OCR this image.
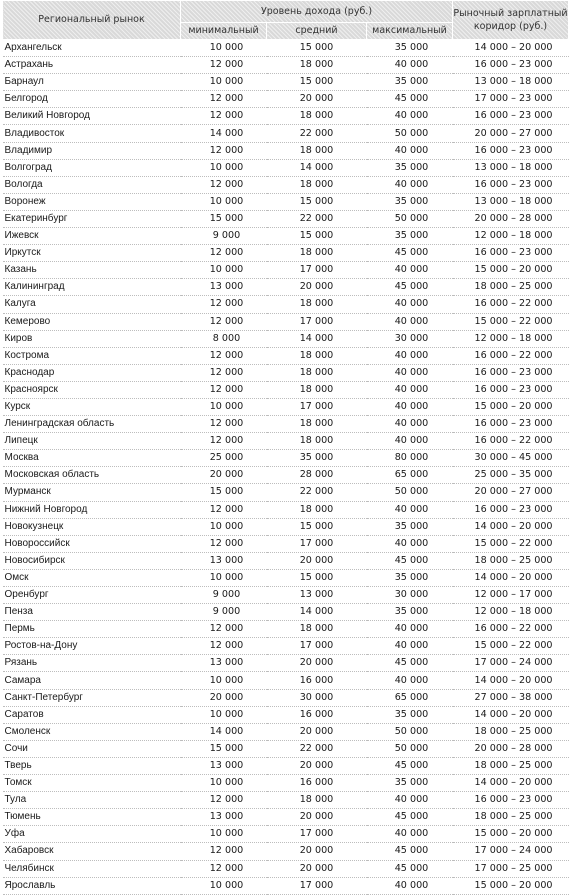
Региональный рынок	Уровень дохода (руб.)			Рыночный зарплатный коридор (руб.)
	минимальный	средний	максимальный	
Архангельск	10 000	15 000	35 000	14 000 – 20 000
Астрахань	12 000	18 000	40 000	16 000 – 23 000
Барнаул	10 000	15 000	35 000	13 000 – 18 000
Белгород	12 000	20 000	45 000	17 000 – 23 000
Великий Новгород	12 000	18 000	40 000	16 000 – 23 000
Владивосток	14 000	22 000	50 000	20 000 – 27 000
Владимир	12 000	18 000	40 000	16 000 – 23 000
Волгоград	10 000	14 000	35 000	13 000 – 18 000
Вологда	12 000	18 000	40 000	16 000 – 23 000
Воронеж	10 000	15 000	35 000	13 000 – 18 000
Екатеринбург	15 000	22 000	50 000	20 000 – 28 000
Ижевск	9 000	15 000	35 000	12 000 – 18 000
Иркутск	12 000	18 000	45 000	16 000 – 23 000
Казань	10 000	17 000	40 000	15 000 – 20 000
Калининград	13 000	20 000	45 000	18 000 – 25 000
Калуга	12 000	18 000	40 000	16 000 – 22 000
Кемерово	12 000	17 000	40 000	15 000 – 22 000
Киров	8 000	14 000	30 000	12 000 – 18 000
Кострома	12 000	18 000	40 000	16 000 – 22 000
Краснодар	12 000	18 000	40 000	16 000 – 23 000
Красноярск	12 000	18 000	40 000	16 000 – 23 000
Курск	10 000	17 000	40 000	15 000 – 20 000
Ленинградская область	12 000	18 000	40 000	16 000 – 23 000
Липецк	12 000	18 000	40 000	16 000 – 22 000
Москва	25 000	35 000	80 000	30 000 – 45 000
Московская область	20 000	28 000	65 000	25 000 – 35 000
Мурманск	15 000	22 000	50 000	20 000 – 27 000
Нижний Новгород	12 000	18 000	40 000	16 000 – 23 000
Новокузнецк	10 000	15 000	35 000	14 000 – 20 000
Новороссийск	12 000	17 000	40 000	15 000 – 22 000
Новосибирск	13 000	20 000	45 000	18 000 – 25 000
Омск	10 000	15 000	35 000	14 000 – 20 000
Оренбург	9 000	13 000	30 000	12 000 – 17 000
Пенза	9 000	14 000	35 000	12 000 – 18 000
Пермь	12 000	18 000	40 000	16 000 – 22 000
Ростов-на-Дону	12 000	17 000	40 000	15 000 – 22 000
Рязань	13 000	20 000	45 000	17 000 – 24 000
Самара	10 000	16 000	40 000	14 000 – 20 000
Санкт-Петербург	20 000	30 000	65 000	27 000 – 38 000
Саратов	10 000	16 000	35 000	14 000 – 20 000
Смоленск	14 000	20 000	50 000	18 000 – 25 000
Сочи	15 000	22 000	50 000	20 000 – 28 000
Тверь	13 000	20 000	45 000	18 000 – 25 000
Томск	10 000	16 000	35 000	14 000 – 20 000
Тула	12 000	18 000	40 000	16 000 – 23 000
Тюмень	13 000	20 000	45 000	18 000 – 25 000
Уфа	10 000	17 000	40 000	15 000 – 20 000
Хабаровск	12 000	20 000	45 000	17 000 – 24 000
Челябинск	12 000	20 000	45 000	17 000 – 25 000
Ярославль	10 000	17 000	40 000	15 000 – 20 000
